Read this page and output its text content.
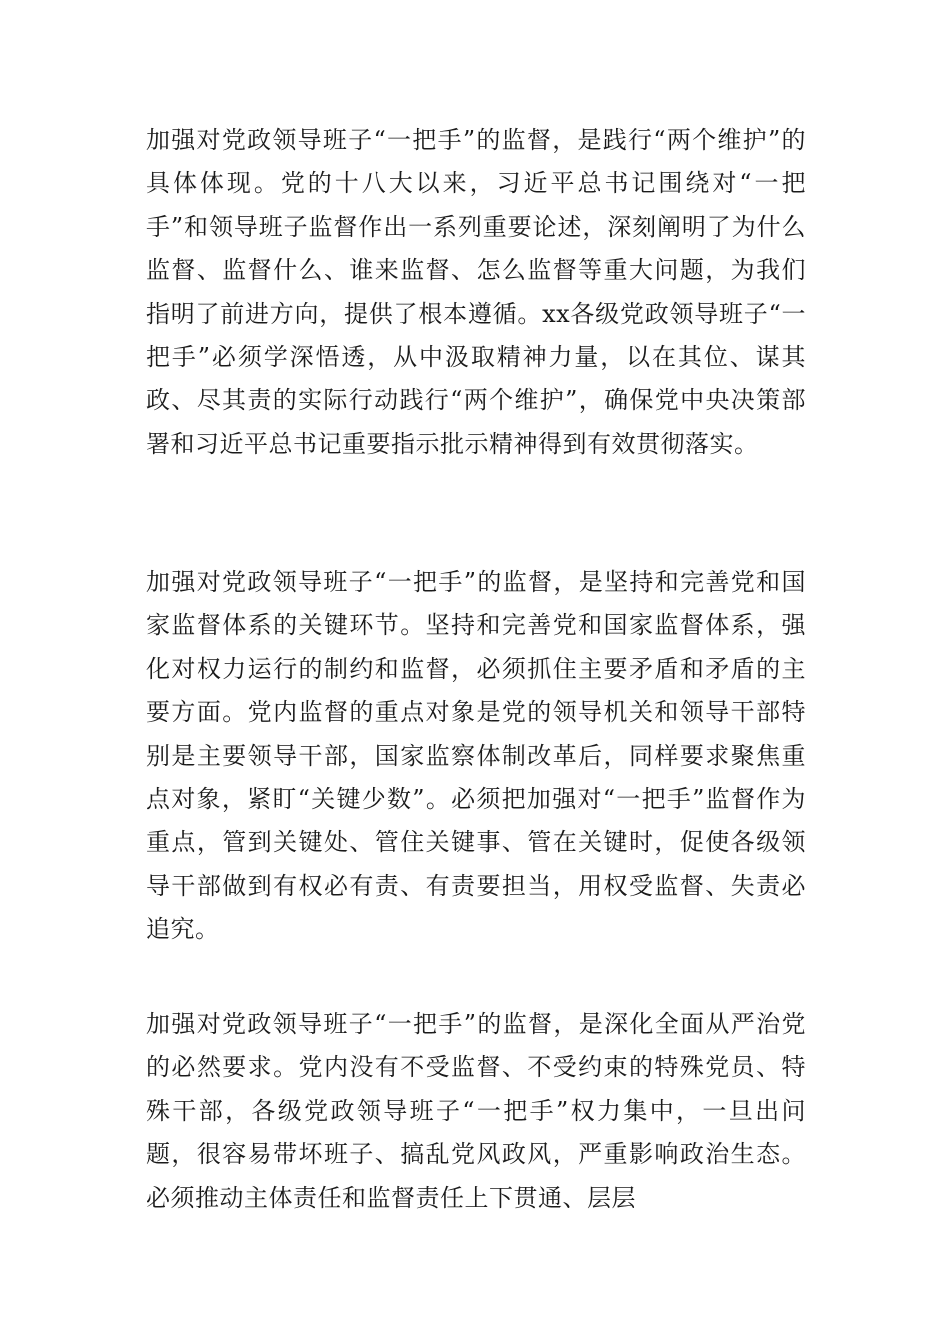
加强对党政领导班子“一把手”的监督，是践行“两个维护”的具体体现。党的十八大以来，习近平总书记围绕对“一把手”和领导班子监督作出一系列重要论述，深刻阐明了为什么监督、监督什么、谁来监督、怎么监督等重大问题，为我们指明了前进方向，提供了根本遵循。xx各级党政领导班子“一把手”必须学深悟透，从中汲取精神力量，以在其位、谋其政、尽其责的实际行动践行“两个维护”，确保党中央决策部署和习近平总书记重要指示批示精神得到有效贯彻落实。

加强对党政领导班子“一把手”的监督，是坚持和完善党和国家监督体系的关键环节。坚持和完善党和国家监督体系，强化对权力运行的制约和监督，必须抓住主要矛盾和矛盾的主要方面。党内监督的重点对象是党的领导机关和领导干部特别是主要领导干部，国家监察体制改革后，同样要求聚焦重点对象，紧盯“关键少数”。必须把加强对“一把手”监督作为重点，管到关键处、管住关键事、管在关键时，促使各级领导干部做到有权必有责、有责要担当，用权受监督、失责必追究。

加强对党政领导班子“一把手”的监督，是深化全面从严治党的必然要求。党内没有不受监督、不受约束的特殊党员、特殊干部，各级党政领导班子“一把手”权力集中，一旦出问题，很容易带坏班子、搞乱党风政风，严重影响政治生态。必须推动主体责任和监督责任上下贯通、层层
